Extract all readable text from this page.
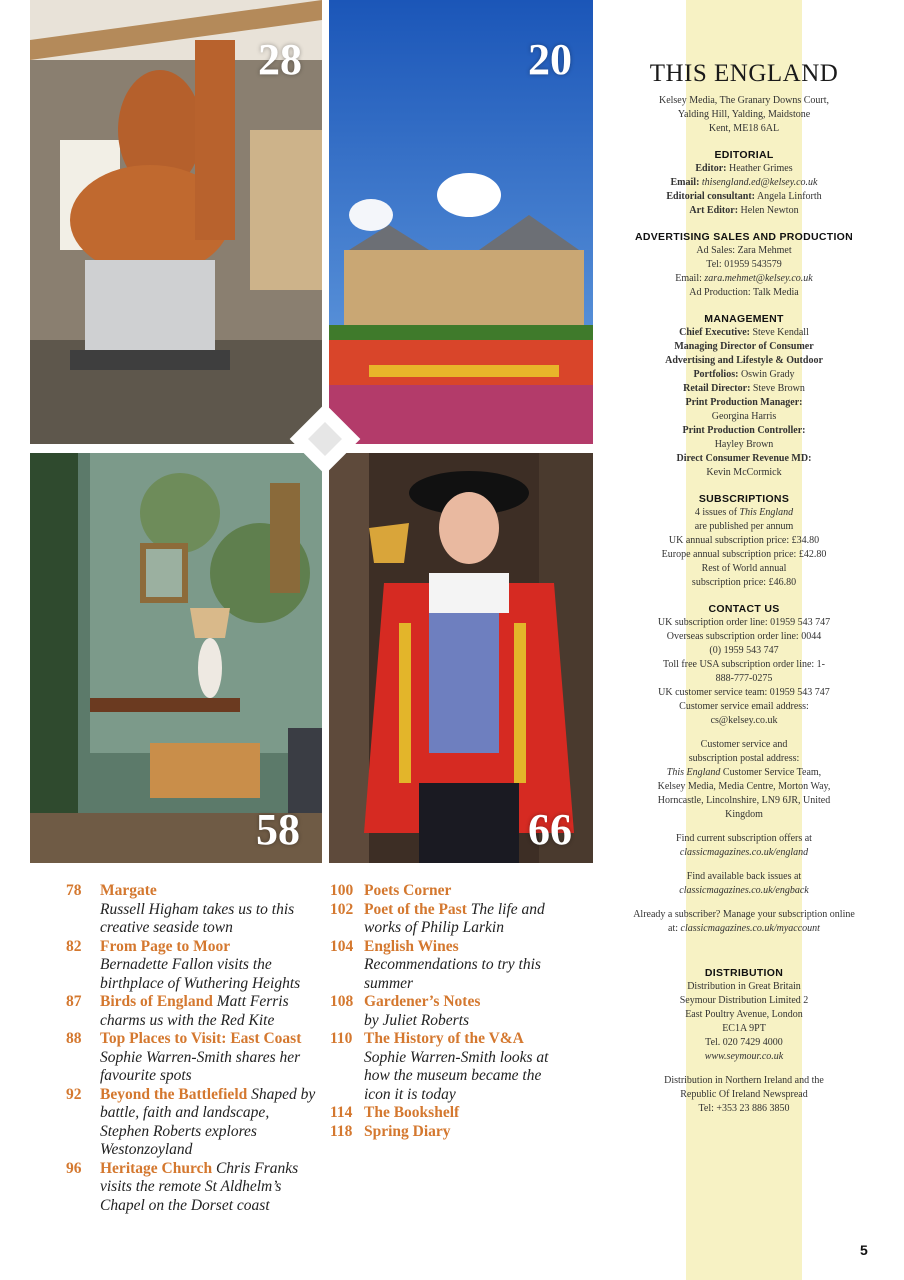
28	20
58	66
78	Margate
Russell Higham takes us to this creative seaside town
82	From Page to Moor
Bernadette Fallon visits the birthplace of Wuthering Heights
87	Birds of England Matt Ferris charms us with the Red Kite
88	Top Places to Visit: East Coast
Sophie Warren-Smith shares her favourite spots
92	Beyond the Battlefield Shaped by battle, faith and landscape, Stephen Roberts explores Westonzoyland
96	Heritage Church Chris Franks visits the remote St Aldhelm’s Chapel on the Dorset coast
100 Poets Corner
102 Poet of the Past The life and works of Philip Larkin
104 English Wines
Recommendations to try this summer
108 Gardener’s Notes
by Juliet Roberts
110 The History of the V&A
Sophie Warren-Smith looks at how the museum became the icon it is today
114 The Bookshelf
118 Spring Diary
THIS ENGLAND
Kelsey Media, The Granary Downs Court,
Yalding Hill, Yalding, Maidstone
Kent, ME18 6AL
EDITORIAL
Editor: Heather Grimes
Email: thisengland.ed@kelsey.co.uk
Editorial consultant: Angela Linforth
Art Editor: Helen Newton
ADVERTISING SALES AND PRODUCTION
Ad Sales: Zara Mehmet
Tel: 01959 543579
Email: zara.mehmet@kelsey.co.uk
Ad Production: Talk Media
MANAGEMENT
Chief Executive: Steve Kendall
Managing Director of Consumer Advertising and Lifestyle & Outdoor Portfolios: Oswin Grady
Retail Director: Steve Brown
Print Production Manager:
Georgina Harris
Print Production Controller:
Hayley Brown
Direct Consumer Revenue MD:
Kevin McCormick
SUBSCRIPTIONS
4 issues of This England
are published per annum
UK annual subscription price: £34.80
Europe annual subscription price: £42.80
Rest of World annual subscription price: £46.80
CONTACT US
UK subscription order line: 01959 543 747
Overseas subscription order line: 0044 (0) 1959 543 747
Toll free USA subscription order line: 1-888-777-0275
UK customer service team: 01959 543 747
Customer service email address: cs@kelsey.co.uk
Customer service and subscription postal address:
This England Customer Service Team, Kelsey Media, Media Centre, Morton Way, Horncastle, Lincolnshire, LN9 6JR, United Kingdom
Find current subscription offers at
classicmagazines.co.uk/england
Find available back issues at
classicmagazines.co.uk/engback
Already a subscriber? Manage your subscription online at: classicmagazines.co.uk/myaccount
DISTRIBUTION
Distribution in Great Britain Seymour Distribution Limited 2 East Poultry Avenue, London EC1A 9PT
Tel. 020 7429 4000
www.seymour.co.uk
Distribution in Northern Ireland and the Republic Of Ireland Newspread
Tel: +353 23 886 3850
5
